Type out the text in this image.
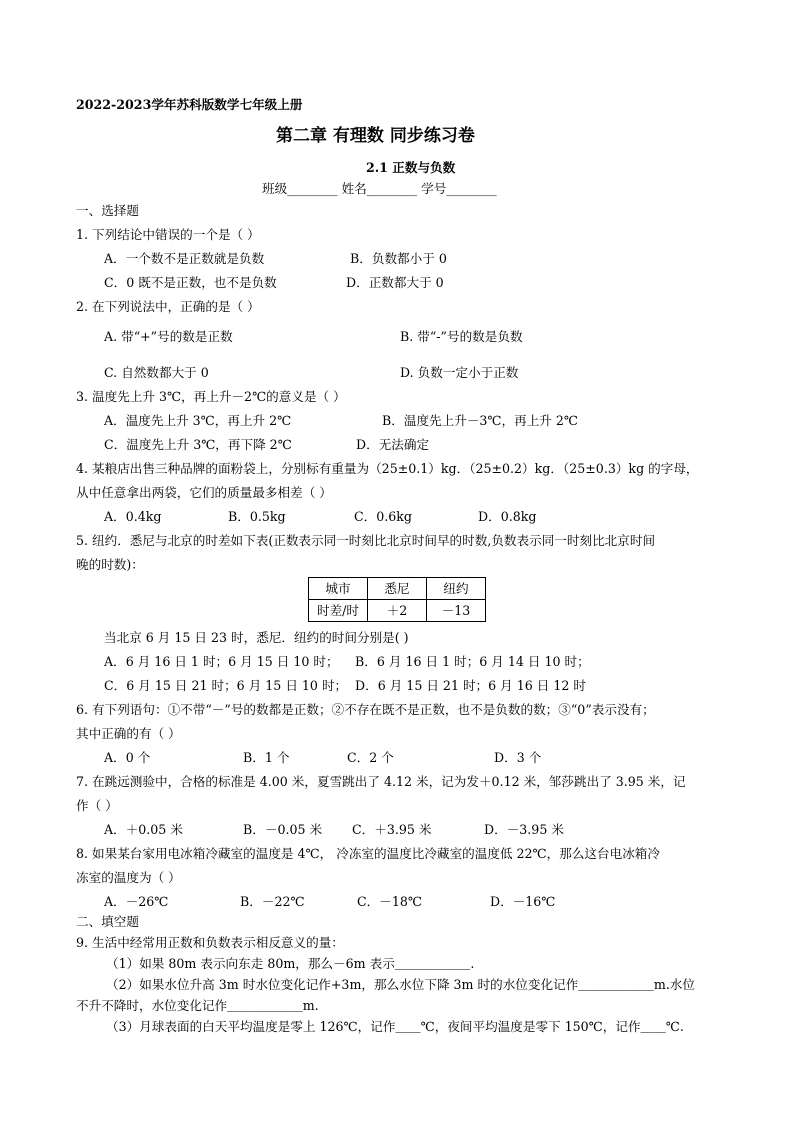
2022-2023学年苏科版数学七年级上册
第二章 有理数 同步练习卷
2.1 正数与负数
班级________ 姓名________ 学号________
一、选择题
1. 下列结论中错误的一个是（ ）
A．一个数不是正数就是负数	B．负数都小于 0
C．0 既不是正数，也不是负数	D．正数都大于 0
2. 在下列说法中，正确的是（ ）
A. 带“+”号的数是正数	B. 带“-”号的数是负数
C. 自然数都大于 0	D. 负数一定小于正数
3. 温度先上升 3℃，再上升－2℃的意义是（ ）
A．温度先上升 3℃，再上升 2℃	B．温度先上升－3℃，再上升 2℃
C．温度先上升 3℃，再下降 2℃	D．无法确定
4. 某粮店出售三种品牌的面粉袋上，分别标有重量为（25±0.1）kg．（25±0.2）kg．（25±0.3）kg 的字母，
从中任意拿出两袋，它们的质量最多相差（ ）
A．0.4kg	B．0.5kg	C．0.6kg	D．0.8kg
5. 纽约．悉尼与北京的时差如下表(正数表示同一时刻比北京时间早的时数,负数表示同一时刻比北京时间
晚的时数)：
城市	悉尼	纽约
时差/时	＋2	－13
当北京 6 月 15 日 23 时，悉尼．纽约的时间分别是( )
A．6 月 16 日 1 时；6 月 15 日 10 时； B．6 月 16 日 1 时；6 月 14 日 10 时；
C．6 月 15 日 21 时；6 月 15 日 10 时； D．6 月 15 日 21 时；6 月 16 日 12 时
6. 有下列语句：①不带“－”号的数都是正数；②不存在既不是正数，也不是负数的数；③“0”表示没有；
其中正确的有（ ）
A．0 个	B．1 个	C．2 个	D．3 个
7. 在跳远测验中，合格的标准是 4.00 米，夏雪跳出了 4.12 米，记为发＋0.12 米，邹莎跳出了 3.95 米，记
作（ ）
A．＋0.05 米	B．－0.05 米 C．＋3.95 米	D．－3.95 米
8. 如果某台家用电冰箱冷藏室的温度是 4℃， 冷冻室的温度比冷藏室的温度低 22℃，那么这台电冰箱冷
冻室的温度为（ ）
A．－26℃	B．－22℃	C．－18℃	D．－16℃
二、填空题
9. 生活中经常用正数和负数表示相反意义的量：
（1）如果 80m 表示向东走 80m，那么－6m 表示＿＿＿＿＿＿.
（2）如果水位升高 3m 时水位变化记作+3m，那么水位下降 3m 时的水位变化记作＿＿＿＿＿＿m.水位
不升不降时，水位变化记作＿＿＿＿＿＿m.
（3）月球表面的白天平均温度是零上 126℃，记作＿＿℃，夜间平均温度是零下 150℃，记作＿＿℃.
